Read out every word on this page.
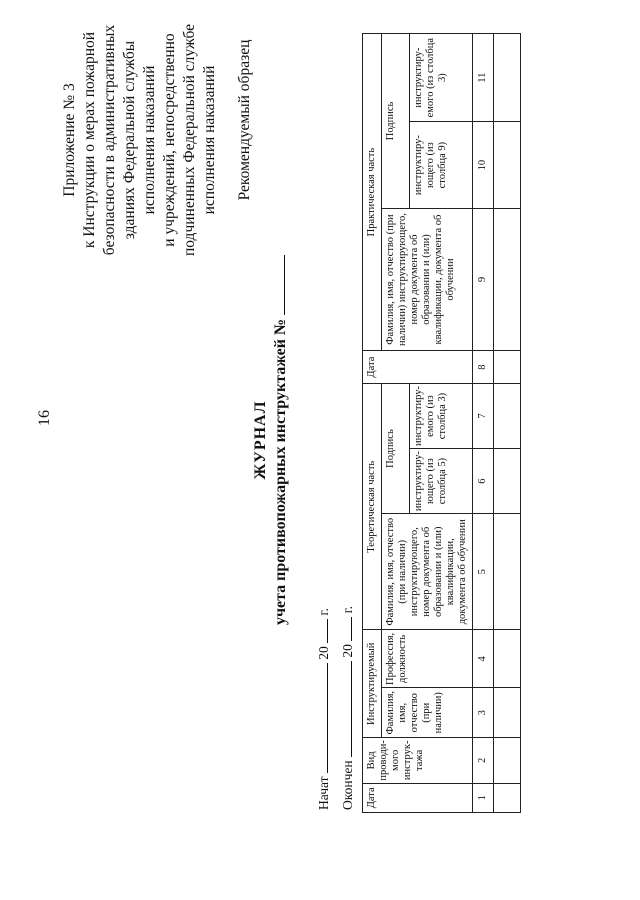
16
Приложение № 3 к Инструкции о мерах пожарной безопасности в административных зданиях Федеральной службы исполнения наказаний и учреждений, непосредственно подчиненных Федеральной службе исполнения наказаний Рекомендуемый образец
ЖУРНАЛ учета противопожарных инструктажей №
Начат  20  г.
Окончен  20  г.
Дата	Вид проводи-мого инструк-тажа	Инструктируемый		Теоретическая часть			Дата	Практическая часть		
		Фамилия, имя, отчество (при наличии)	Профессия, должность	Фамилия, имя, отчество (при наличии) инструктирующего, номер документа об образовании и (или) квалификации, документа об обучении	Подпись			Фамилия, имя, отчество (при наличии) инструктирующего, номер документа об образовании и (или) квалификации, документа об обучении	Подпись	
					инструктиру-ющего (из столбца 5)	инструктиру-емого (из столбца 3)			инструктиру-ющего (из столбца 9)	инструктиру-емого (из столбца 3)
1	2	3	4	5	6	7	8	9	10	11
